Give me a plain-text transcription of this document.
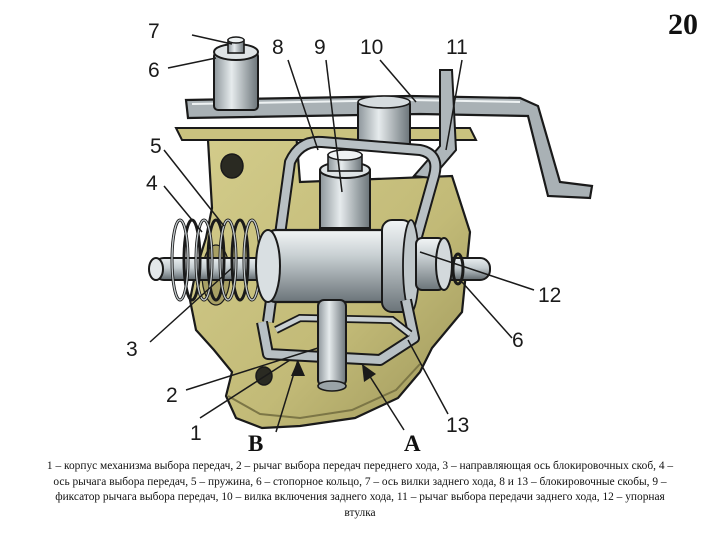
20
7
6
8 9 10	11
5
4
3
2
1
12
6
13
B	A
1 – корпус механизма выбора передач, 2 – рычаг выбора передач переднего хода, 3 – направляющая ось блокировочных скоб, 4 –
ось рычага выбора передач, 5 – пружина, 6 – стопорное кольцо, 7 – ось вилки заднего хода, 8 и 13 – блокировочные скобы, 9 –
фиксатор рычага выбора передач, 10 – вилка включения заднего хода, 11 – рычаг выбора передачи заднего хода, 12 – упорная
втулка
